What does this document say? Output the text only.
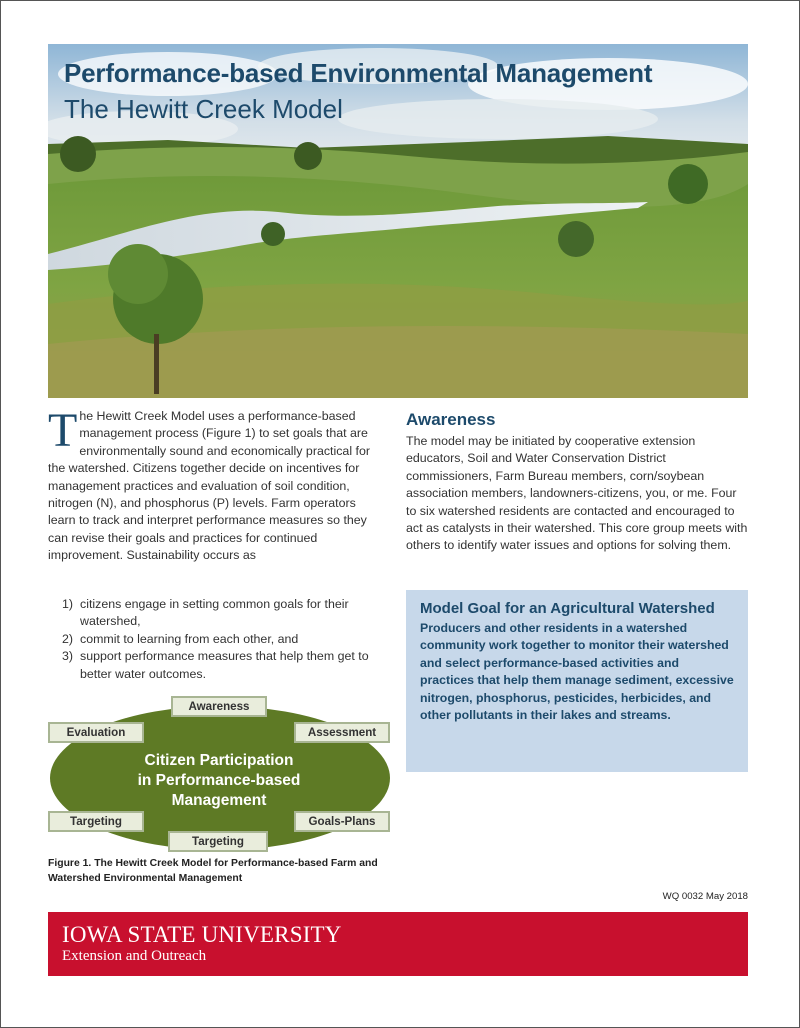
Performance-based Environmental Management
The Hewitt Creek Model

The Hewitt Creek Model uses a performance-based management process (Figure 1) to set goals that are environmentally sound and economically practical for the watershed. Citizens together decide on incentives for management practices and evaluation of soil condition, nitrogen (N), and phosphorus (P) levels. Farm operators learn to track and interpret performance measures so they can revise their goals and practices for continued improvement. Sustainability occurs as

1) citizens engage in setting common goals for their watershed,
2) commit to learning from each other, and
3) support performance measures that help them get to better water outcomes.

Citizen Participation
in Performance-based
Management

Awareness
Evaluation	Assessment
Targeting	Goals-Plans
Targeting

Figure 1. The Hewitt Creek Model for Performance-based Farm and Watershed Environmental Management

Awareness

The model may be initiated by cooperative extension educators, Soil and Water Conservation District commissioners, Farm Bureau members, corn/soybean association members, landowners-citizens, you, or me. Four to six watershed residents are contacted and encouraged to act as catalysts in their watershed. This core group meets with others to identify water issues and options for solving them.

Model Goal for an Agricultural Watershed

Producers and other residents in a watershed community work together to monitor their watershed and select performance-based activities and practices that help them manage sediment, excessive nitrogen, phosphorus, pesticides, herbicides, and other pollutants in their lakes and streams.

WQ 0032 May 2018

IOWA STATE UNIVERSITY

Extension and Outreach
